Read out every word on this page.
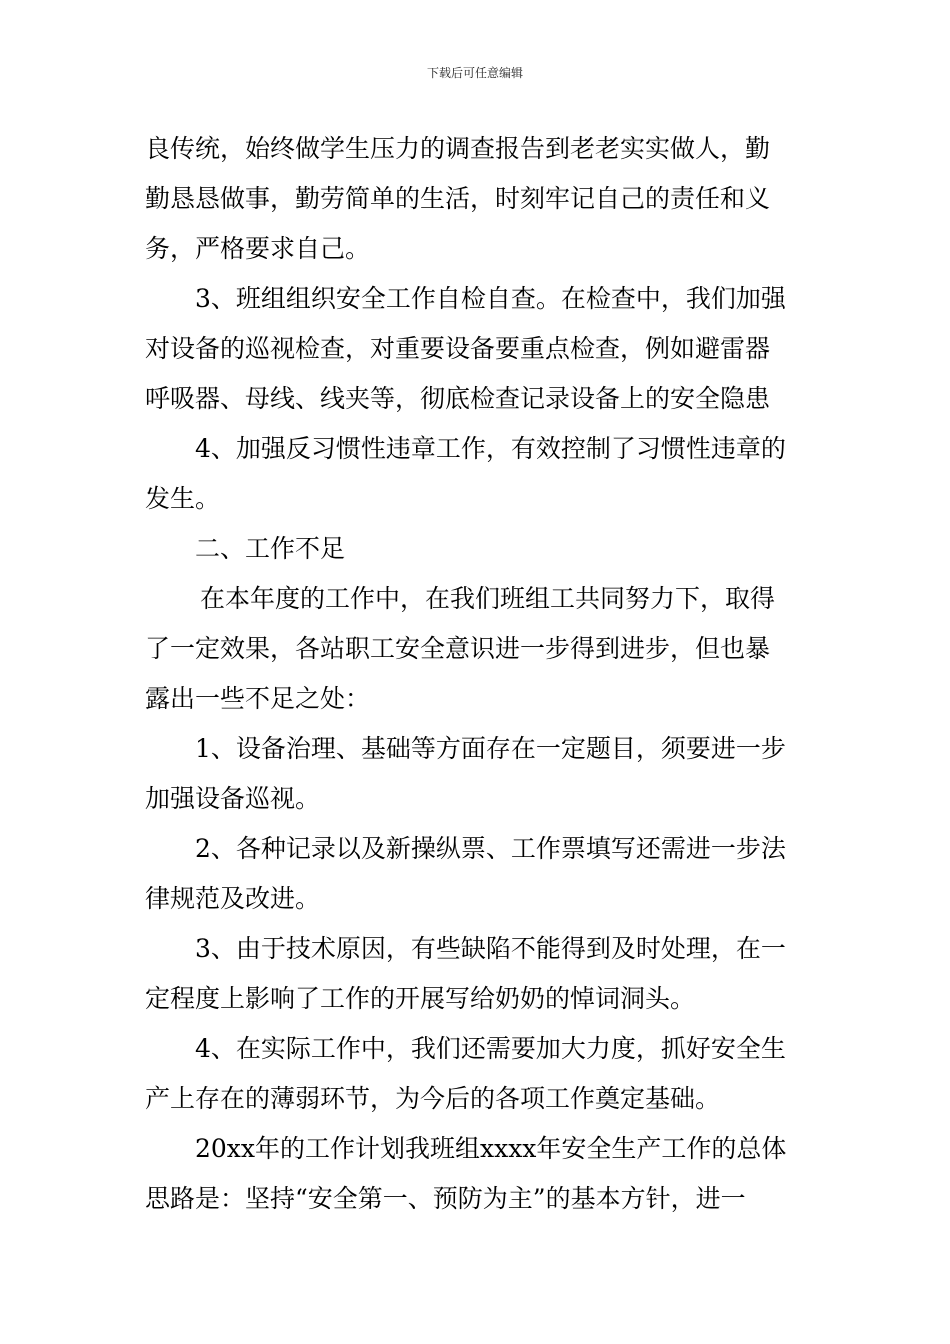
下载后可任意编辑
良传统，始终做学生压力的调查报告到老老实实做人，勤
勤恳恳做事，勤劳简单的生活，时刻牢记自己的责任和义
务，严格要求自己。
3、班组组织安全工作自检自查。在检查中，我们加强
对设备的巡视检查，对重要设备要重点检查，例如避雷器
呼吸器、母线、线夹等，彻底检查记录设备上的安全隐患
4、加强反习惯性违章工作，有效控制了习惯性违章的
发生。
二、工作不足
在本年度的工作中，在我们班组工共同努力下，取得
了一定效果，各站职工安全意识进一步得到进步，但也暴
露出一些不足之处：
1、设备治理、基础等方面存在一定题目，须要进一步
加强设备巡视。
2、各种记录以及新操纵票、工作票填写还需进一步法
律规范及改进。
3、由于技术原因，有些缺陷不能得到及时处理，在一
定程度上影响了工作的开展写给奶奶的悼词洞头。
4、在实际工作中，我们还需要加大力度，抓好安全生
产上存在的薄弱环节，为今后的各项工作奠定基础。
20xx年的工作计划我班组xxxx年安全生产工作的总体
思路是：坚持“安全第一、预防为主”的基本方针，进一
